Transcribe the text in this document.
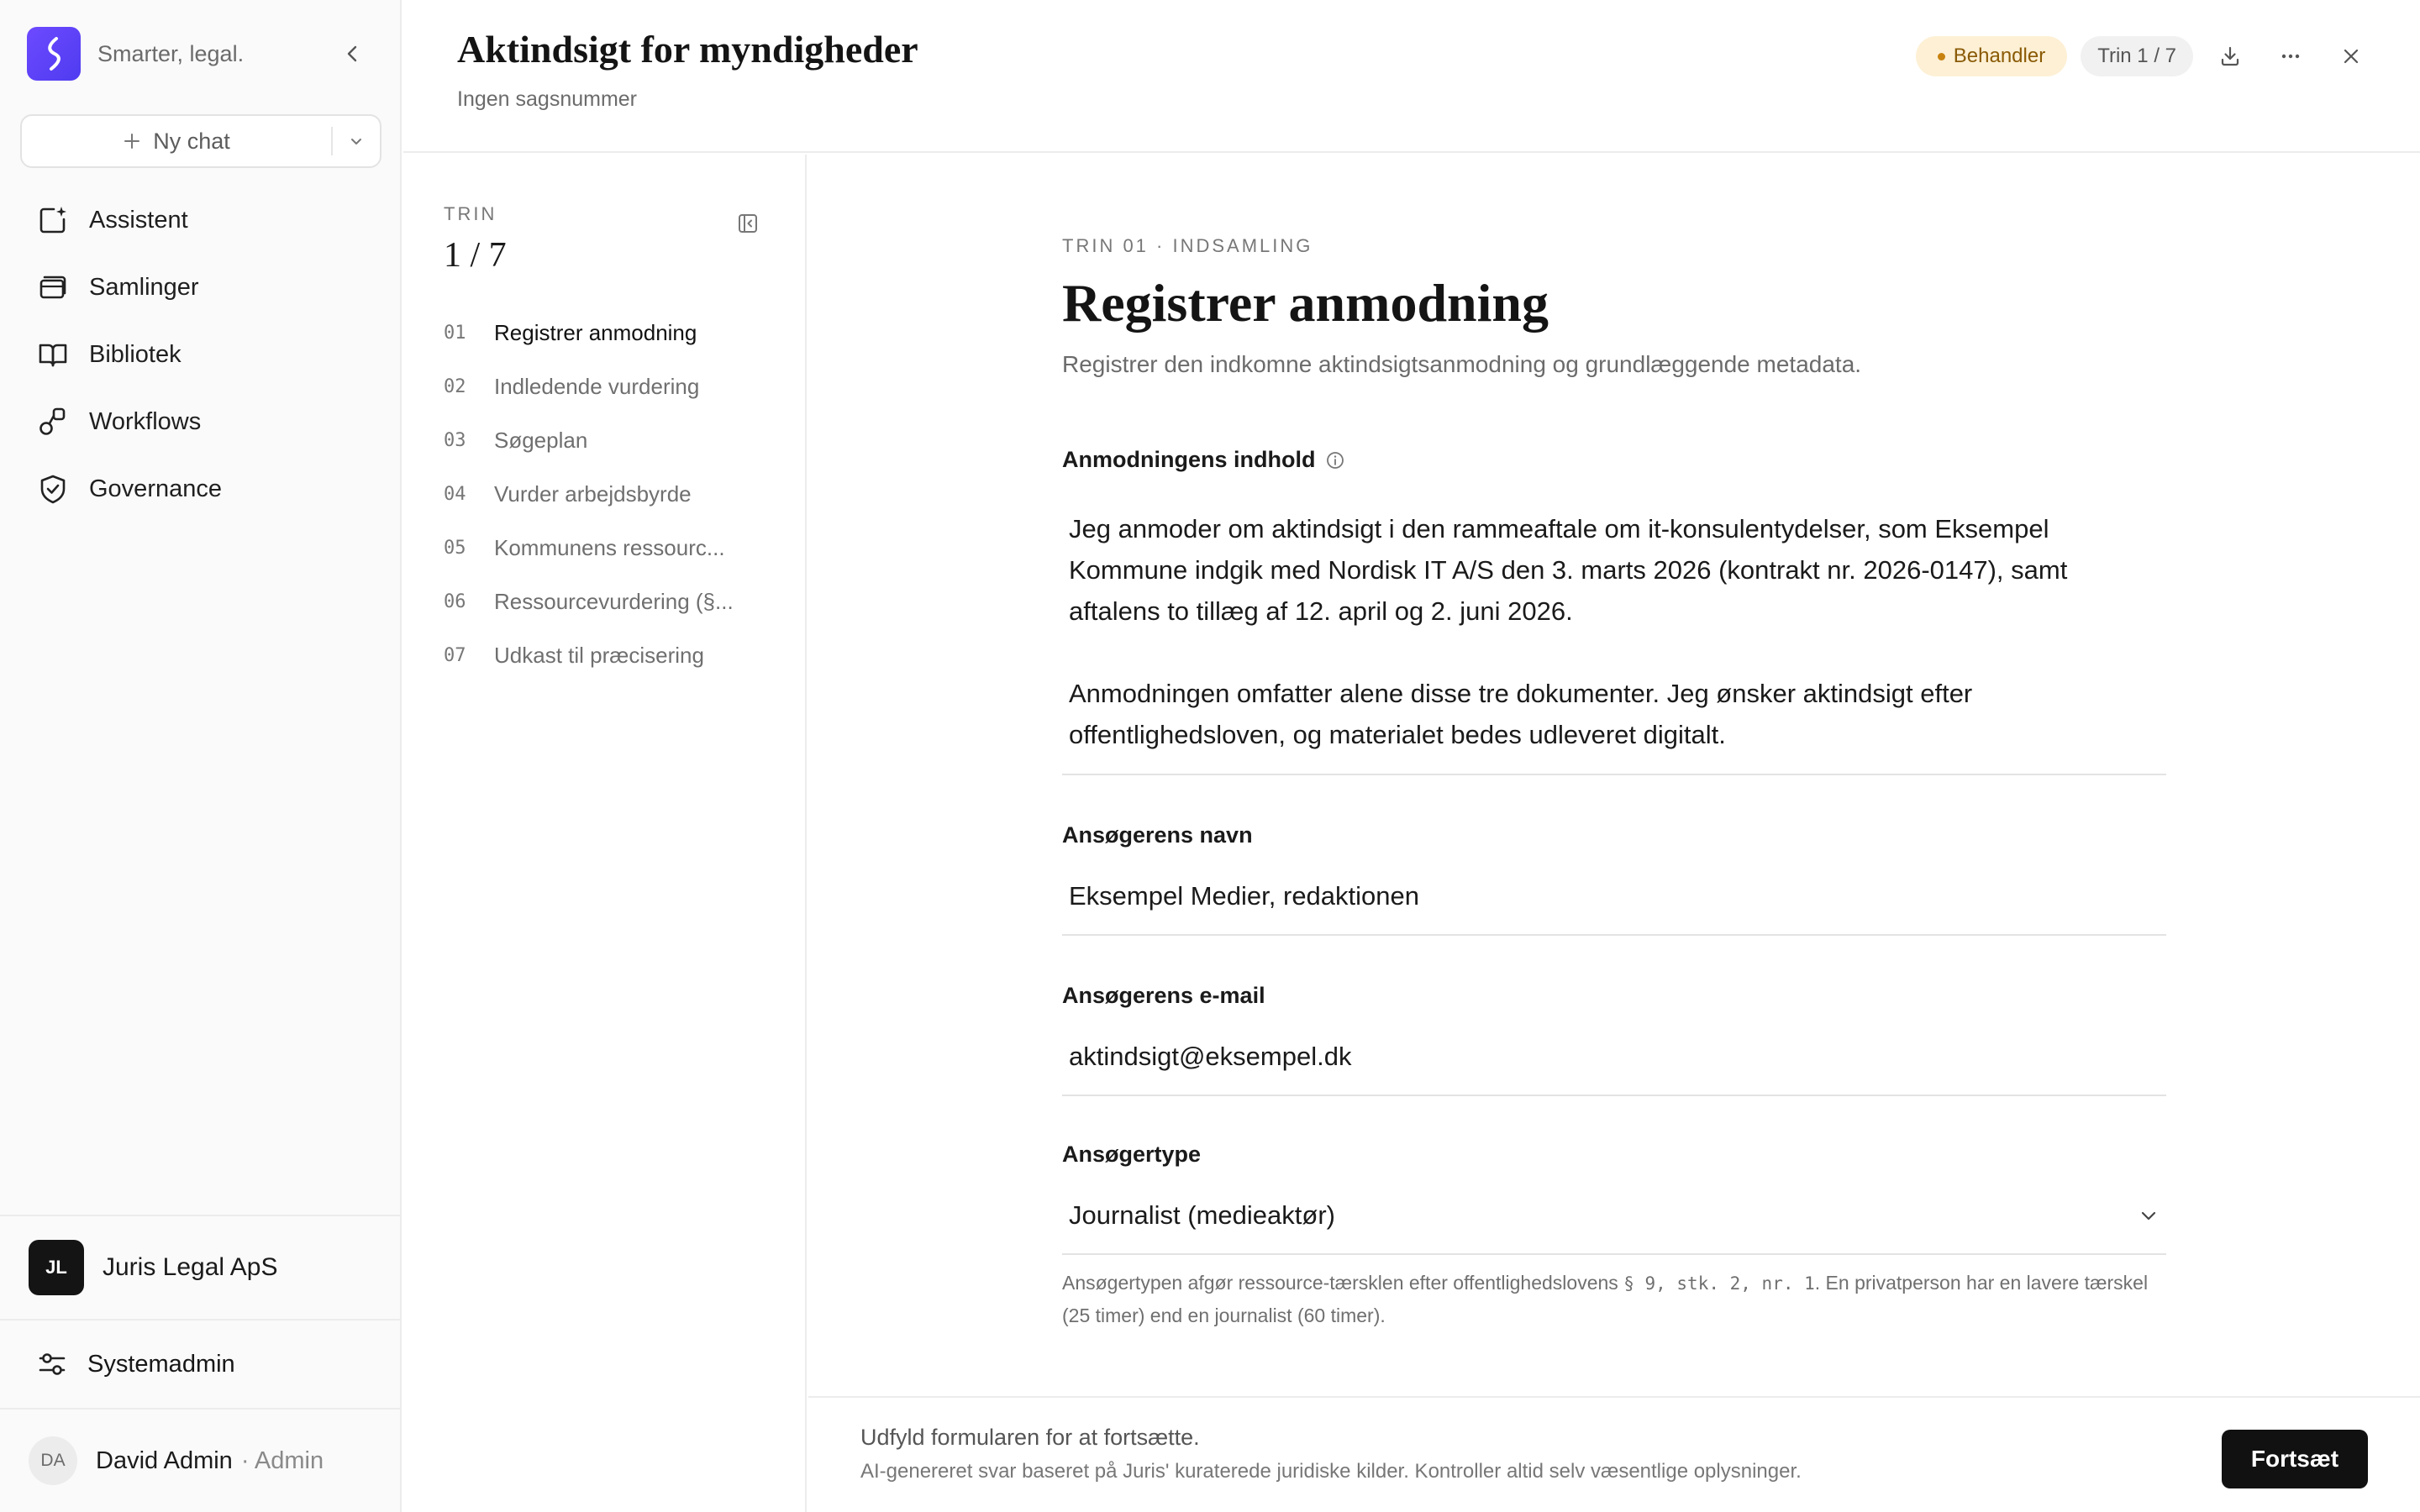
Smarter, legal.
Ny chat
Assistent
Samlinger
Bibliotek
Workflows
Governance
JL	Juris Legal ApS
Systemadmin
DA	David Admin · Admin
Aktindsigt for myndigheder
Ingen sagsnummer
Behandler	Trin 1 / 7
TRIN
1 / 7
01	Registrer anmodning
02	Indledende vurdering
03	Søgeplan
04	Vurder arbejdsbyrde
05	Kommunens ressourc...
06	Ressourcevurdering (§...
07	Udkast til præcisering
TRIN 01 · INDSAMLING
Registrer anmodning

Registrer den indkomne aktindsigtsanmodning og grundlæggende metadata.

Anmodningens indhold

Jeg anmoder om aktindsigt i den rammeaftale om it-konsulentydelser, som Eksempel Kommune indgik med Nordisk IT A/S den 3. marts 2026 (kontrakt nr. 2026-0147), samt aftalens to tillæg af 12. april og 2. juni 2026.

Anmodningen omfatter alene disse tre dokumenter. Jeg ønsker aktindsigt efter offentlighedsloven, og materialet bedes udleveret digitalt.

Ansøgerens navn
Eksempel Medier, redaktionen
Ansøgerens e-mail
aktindsigt@eksempel.dk
Ansøgertype
Journalist (medieaktør)

Ansøgertypen afgør ressource-tærsklen efter offentlighedslovens § 9, stk. 2, nr. 1. En privatperson har en lavere tærskel (25 timer) end en journalist (60 timer).

Udfyld formularen for at fortsætte.
AI-genereret svar baseret på Juris' kuraterede juridiske kilder. Kontroller altid selv væsentlige oplysninger.	Fortsæt
